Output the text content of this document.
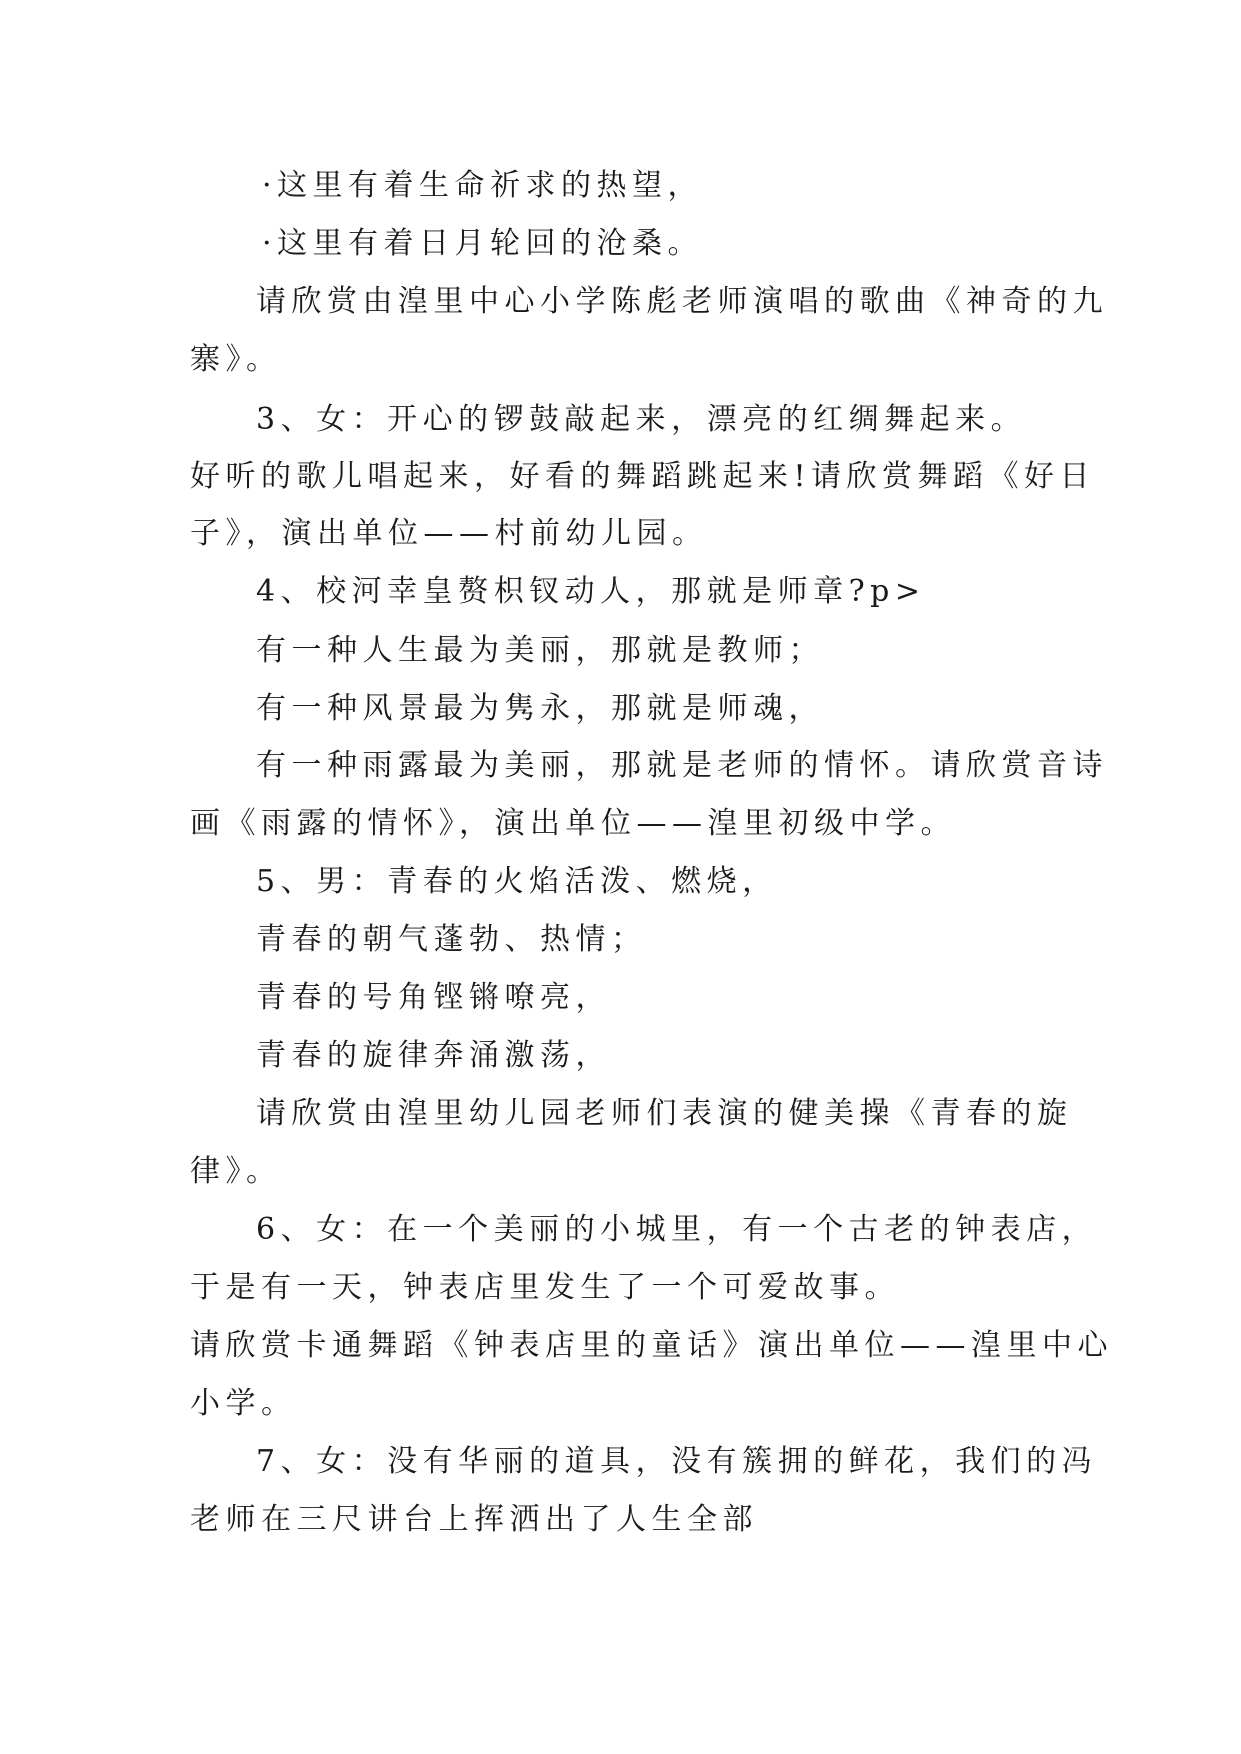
·这里有着生命祈求的热望，
·这里有着日月轮回的沧桑。
请欣赏由湟里中心小学陈彪老师演唱的歌曲《神奇的九
寨》。
3、女：开心的锣鼓敲起来，漂亮的红绸舞起来。
好听的歌儿唱起来，好看的舞蹈跳起来!请欣赏舞蹈《好日
子》，演出单位——村前幼儿园。
4、校河幸皇赘枳钗动人，那就是师章?p>
有一种人生最为美丽，那就是教师；
有一种风景最为隽永，那就是师魂，
有一种雨露最为美丽，那就是老师的情怀。请欣赏音诗
画《雨露的情怀》，演出单位——湟里初级中学。
5、男：青春的火焰活泼、燃烧，
青春的朝气蓬勃、热情；
青春的号角铿锵嘹亮，
青春的旋律奔涌激荡，
请欣赏由湟里幼儿园老师们表演的健美操《青春的旋
律》。
6、女：在一个美丽的小城里，有一个古老的钟表店，
于是有一天，钟表店里发生了一个可爱故事。
请欣赏卡通舞蹈《钟表店里的童话》演出单位——湟里中心
小学。
7、女：没有华丽的道具，没有簇拥的鲜花，我们的冯
老师在三尺讲台上挥洒出了人生全部
